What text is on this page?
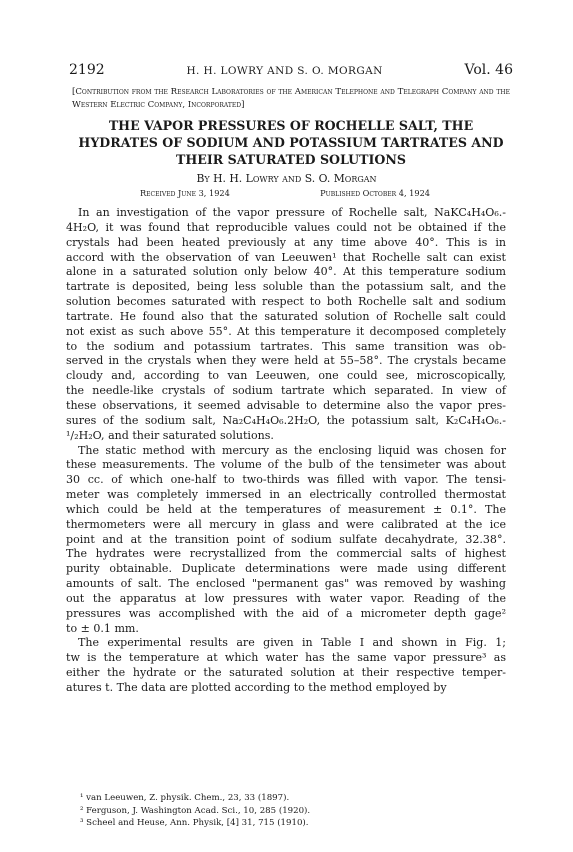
2192	H. H. LOWRY AND S. O. MORGAN	Vol. 46
[Contribution from the Research Laboratories of the American Telephone and Telegraph Company and the Western Electric Company, Incorporated]
THE VAPOR PRESSURES OF ROCHELLE SALT, THE HYDRATES OF SODIUM AND POTASSIUM TARTRATES AND THEIR SATURATED SOLUTIONS
By H. H. Lowry and S. O. Morgan
Received June 3, 1924	Published October 4, 1924
In an investigation of the vapor pressure of Rochelle salt, NaKC₄H₄O₆.-
4H₂O, it was found that reproducible values could not be obtained if the
crystals had been heated previously at any time above 40°. This is in
accord with the observation of van Leeuwen¹ that Rochelle salt can exist
alone in a saturated solution only below 40°. At this temperature sodium
tartrate is deposited, being less soluble than the potassium salt, and the
solution becomes saturated with respect to both Rochelle salt and sodium
tartrate. He found also that the saturated solution of Rochelle salt could
not exist as such above 55°. At this temperature it decomposed completely
to the sodium and potassium tartrates. This same transition was ob-
served in the crystals when they were held at 55–58°. The crystals became
cloudy and, according to van Leeuwen, one could see, microscopically,
the needle-like crystals of sodium tartrate which separated. In view of
these observations, it seemed advisable to determine also the vapor pres-
sures of the sodium salt, Na₂C₄H₄O₆.2H₂O, the potassium salt, K₂C₄H₄O₆.-
¹/₂H₂O, and their saturated solutions.
The static method with mercury as the enclosing liquid was chosen for
these measurements. The volume of the bulb of the tensimeter was about
30 cc. of which one-half to two-thirds was filled with vapor. The tensi-
meter was completely immersed in an electrically controlled thermostat
which could be held at the temperatures of measurement ± 0.1°. The
thermometers were all mercury in glass and were calibrated at the ice
point and at the transition point of sodium sulfate decahydrate, 32.38°.
The hydrates were recrystallized from the commercial salts of highest
purity obtainable. Duplicate determinations were made using different
amounts of salt. The enclosed "permanent gas" was removed by washing
out the apparatus at low pressures with water vapor. Reading of the
pressures was accomplished with the aid of a micrometer depth gage²
to ± 0.1 mm.
The experimental results are given in Table I and shown in Fig. 1;
tw is the temperature at which water has the same vapor pressure³ as
either the hydrate or the saturated solution at their respective temper-
atures t. The data are plotted according to the method employed by
¹ van Leeuwen, Z. physik. Chem., 23, 33 (1897).
² Ferguson, J. Washington Acad. Sci., 10, 285 (1920).
³ Scheel and Heuse, Ann. Physik, [4] 31, 715 (1910).
